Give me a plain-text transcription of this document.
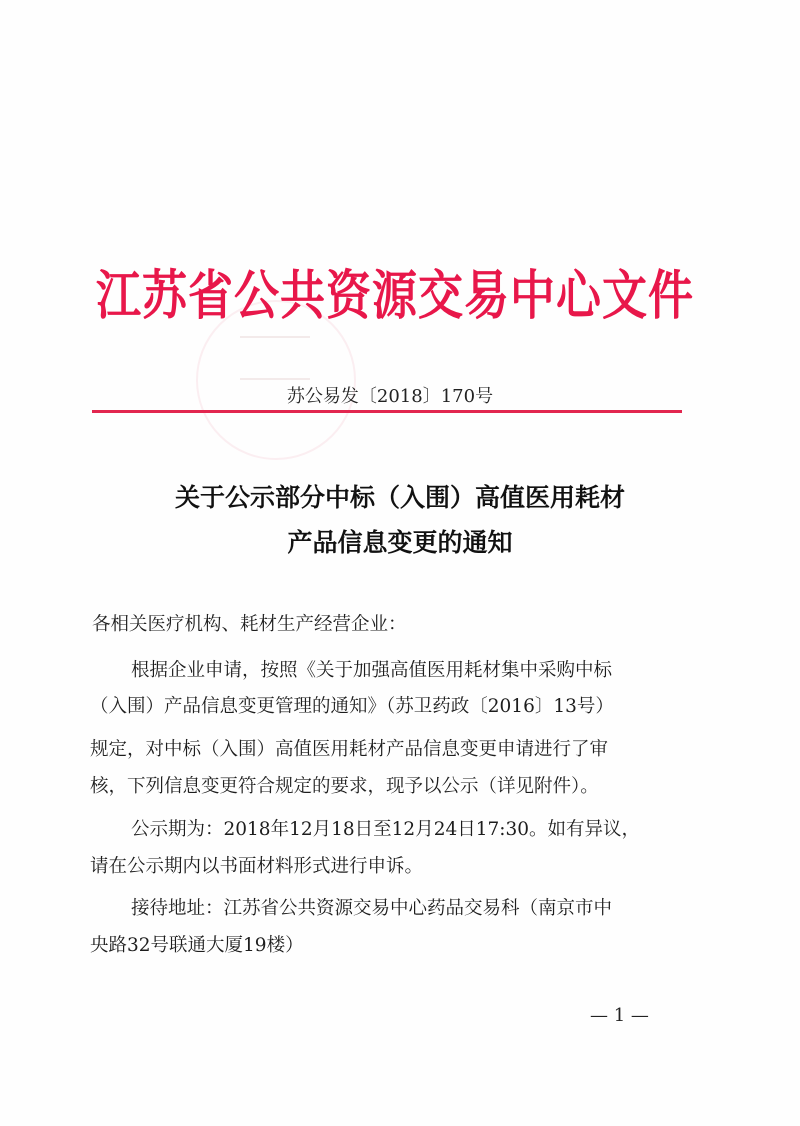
江苏省公共资源交易中心文件
苏公易发〔2018〕170号
关于公示部分中标（入围）高值医用耗材
产品信息变更的通知
各相关医疗机构、耗材生产经营企业：
根据企业申请，按照《关于加强高值医用耗材集中采购中标
（入围）产品信息变更管理的通知》（苏卫药政〔2016〕13号）
规定，对中标（入围）高值医用耗材产品信息变更申请进行了审
核，下列信息变更符合规定的要求，现予以公示（详见附件）。
公示期为：2018年12月18日至12月24日17:30。如有异议，
请在公示期内以书面材料形式进行申诉。
接待地址：江苏省公共资源交易中心药品交易科（南京市中
央路32号联通大厦19楼）
— 1 —
